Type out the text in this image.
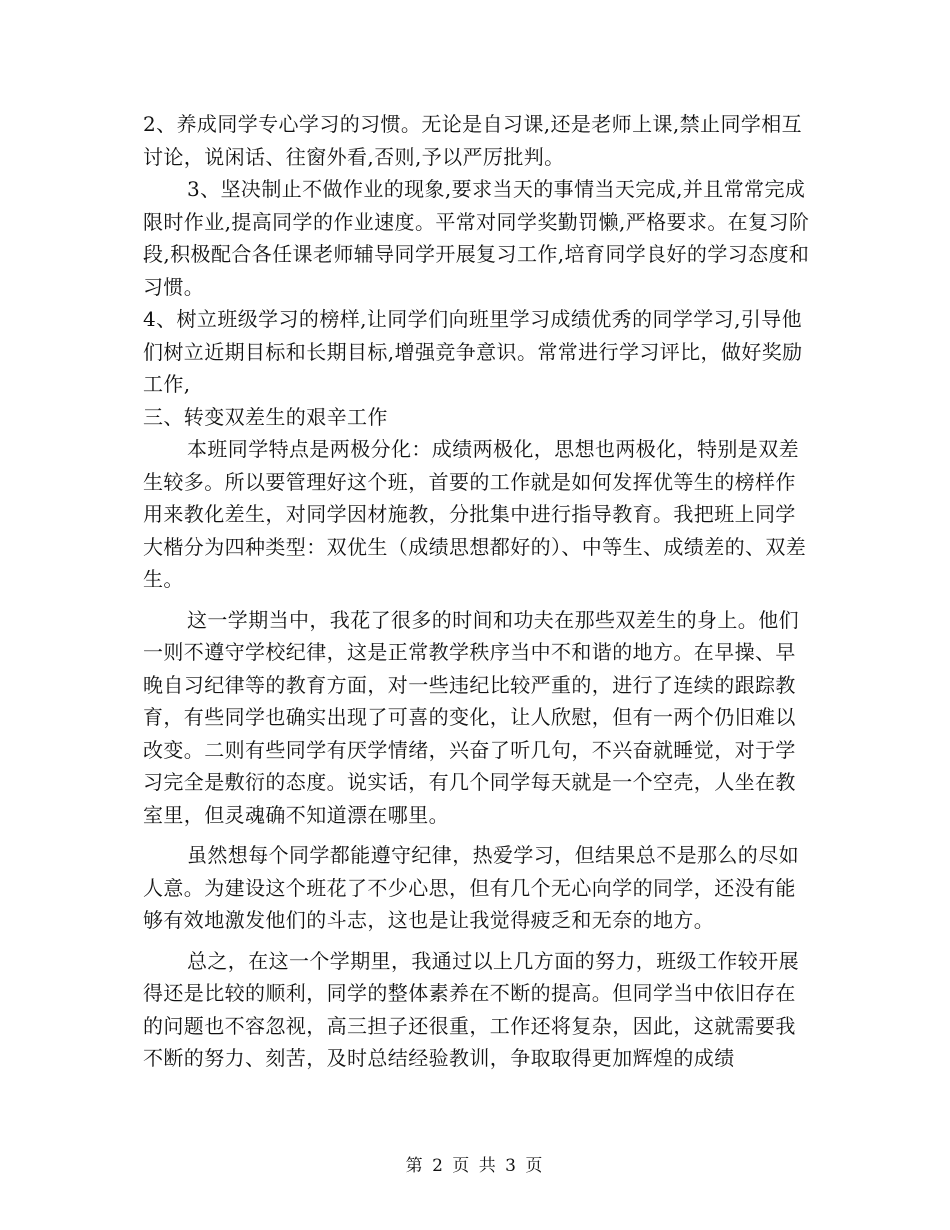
2、养成同学专心学习的习惯。无论是自习课,还是老师上课,禁止同学相互讨论，说闲话、往窗外看,否则,予以严厉批判。

3、坚决制止不做作业的现象,要求当天的事情当天完成,并且常常完成限时作业,提高同学的作业速度。平常对同学奖勤罚懒,严格要求。在复习阶段,积极配合各任课老师辅导同学开展复习工作,培育同学良好的学习态度和习惯。

4、树立班级学习的榜样,让同学们向班里学习成绩优秀的同学学习,引导他们树立近期目标和长期目标,增强竞争意识。常常进行学习评比，做好奖励工作,

三、转变双差生的艰辛工作

本班同学特点是两极分化：成绩两极化，思想也两极化，特别是双差生较多。所以要管理好这个班，首要的工作就是如何发挥优等生的榜样作用来教化差生，对同学因材施教，分批集中进行指导教育。我把班上同学大楷分为四种类型：双优生（成绩思想都好的）、中等生、成绩差的、双差生。

这一学期当中，我花了很多的时间和功夫在那些双差生的身上。他们一则不遵守学校纪律，这是正常教学秩序当中不和谐的地方。在早操、早晚自习纪律等的教育方面，对一些违纪比较严重的，进行了连续的跟踪教育，有些同学也确实出现了可喜的变化，让人欣慰，但有一两个仍旧难以改变。二则有些同学有厌学情绪，兴奋了听几句，不兴奋就睡觉，对于学习完全是敷衍的态度。说实话，有几个同学每天就是一个空壳，人坐在教室里，但灵魂确不知道漂在哪里。

虽然想每个同学都能遵守纪律，热爱学习，但结果总不是那么的尽如人意。为建设这个班花了不少心思，但有几个无心向学的同学，还没有能够有效地激发他们的斗志，这也是让我觉得疲乏和无奈的地方。

总之，在这一个学期里，我通过以上几方面的努力，班级工作较开展得还是比较的顺利，同学的整体素养在不断的提高。但同学当中依旧存在的问题也不容忽视，高三担子还很重，工作还将复杂，因此，这就需要我不断的努力、刻苦，及时总结经验教训，争取取得更加辉煌的成绩

第 2 页 共 3 页
